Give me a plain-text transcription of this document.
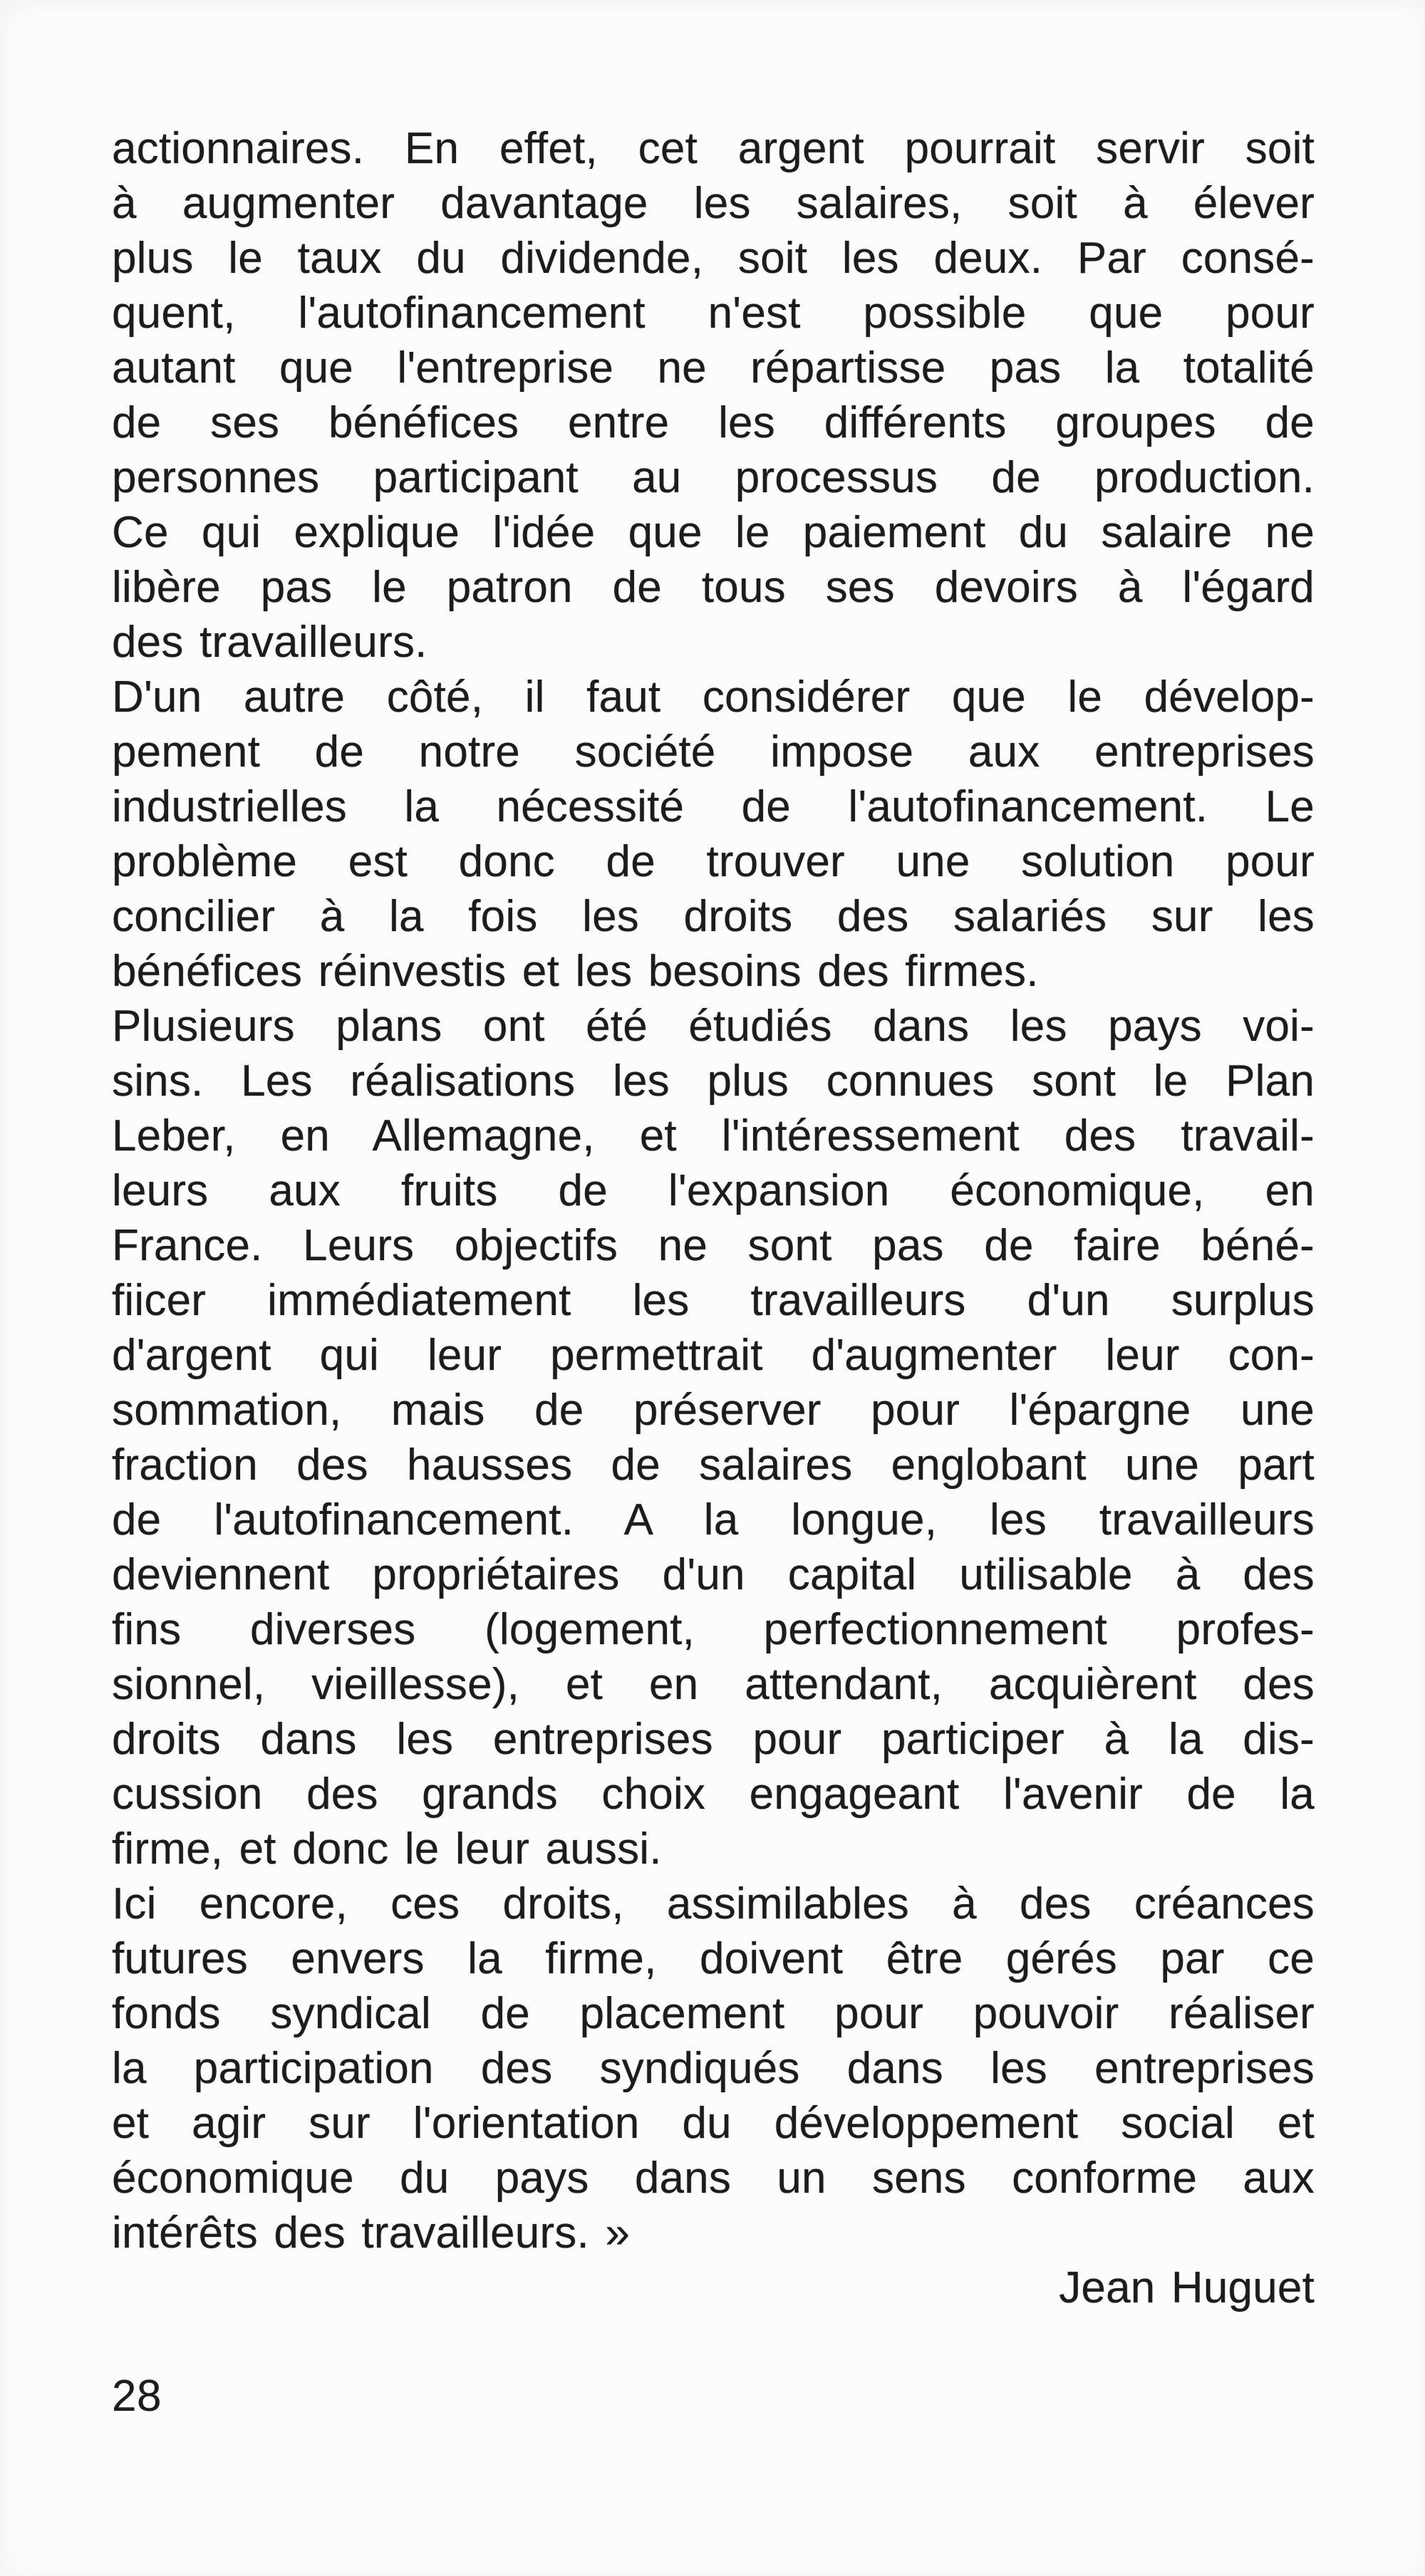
actionnaires. En effet, cet argent pourrait servir soit
à augmenter davantage les salaires, soit à élever
plus le taux du dividende, soit les deux. Par consé-
quent, l'autofinancement n'est possible que pour
autant que l'entreprise ne répartisse pas la totalité
de ses bénéfices entre les différents groupes de
personnes participant au processus de production.
Ce qui explique l'idée que le paiement du salaire ne
libère pas le patron de tous ses devoirs à l'égard
des travailleurs.
D'un autre côté, il faut considérer que le dévelop-
pement de notre société impose aux entreprises
industrielles la nécessité de l'autofinancement. Le
problème est donc de trouver une solution pour
concilier à la fois les droits des salariés sur les
bénéfices réinvestis et les besoins des firmes.
Plusieurs plans ont été étudiés dans les pays voi-
sins. Les réalisations les plus connues sont le Plan
Leber, en Allemagne, et l'intéressement des travail-
leurs aux fruits de l'expansion économique, en
France. Leurs objectifs ne sont pas de faire béné-
fiicer immédiatement les travailleurs d'un surplus
d'argent qui leur permettrait d'augmenter leur con-
sommation, mais de préserver pour l'épargne une
fraction des hausses de salaires englobant une part
de l'autofinancement. A la longue, les travailleurs
deviennent propriétaires d'un capital utilisable à des
fins diverses (logement, perfectionnement profes-
sionnel, vieillesse), et en attendant, acquièrent des
droits dans les entreprises pour participer à la dis-
cussion des grands choix engageant l'avenir de la
firme, et donc le leur aussi.
Ici encore, ces droits, assimilables à des créances
futures envers la firme, doivent être gérés par ce
fonds syndical de placement pour pouvoir réaliser
la participation des syndiqués dans les entreprises
et agir sur l'orientation du développement social et
économique du pays dans un sens conforme aux
intérêts des travailleurs. »
Jean Huguet
28
